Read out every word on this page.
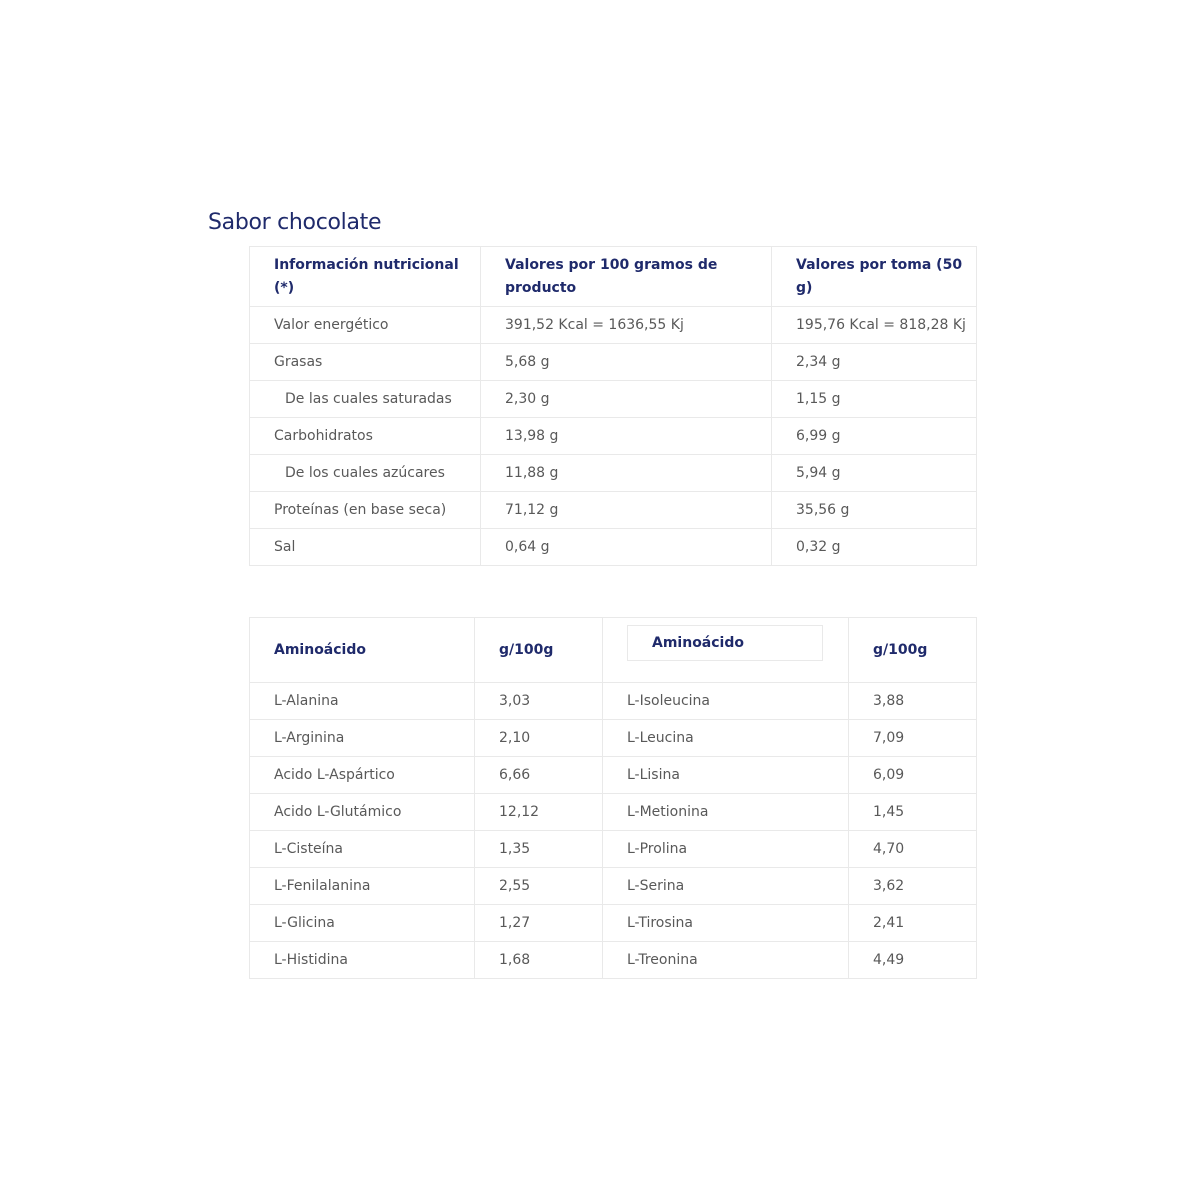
Sabor chocolate
Información nutricional (*)	Valores por 100 gramos de producto	Valores por toma (50 g)
Valor energético	391,52 Kcal = 1636,55 Kj	195,76 Kcal = 818,28 Kj
Grasas	5,68 g	2,34 g
De las cuales saturadas	2,30 g	1,15 g
Carbohidratos	13,98 g	6,99 g
De los cuales azúcares	11,88 g	5,94 g
Proteínas (en base seca)	71,12 g	35,56 g
Sal	0,64 g	0,32 g
Aminoácido	g/100g	Aminoácido	g/100g
L-Alanina	3,03	L-Isoleucina	3,88
L-Arginina	2,10	L-Leucina	7,09
Acido L-Aspártico	6,66	L-Lisina	6,09
Acido L-Glutámico	12,12	L-Metionina	1,45
L-Cisteína	1,35	L-Prolina	4,70
L-Fenilalanina	2,55	L-Serina	3,62
L-Glicina	1,27	L-Tirosina	2,41
L-Histidina	1,68	L-Treonina	4,49
